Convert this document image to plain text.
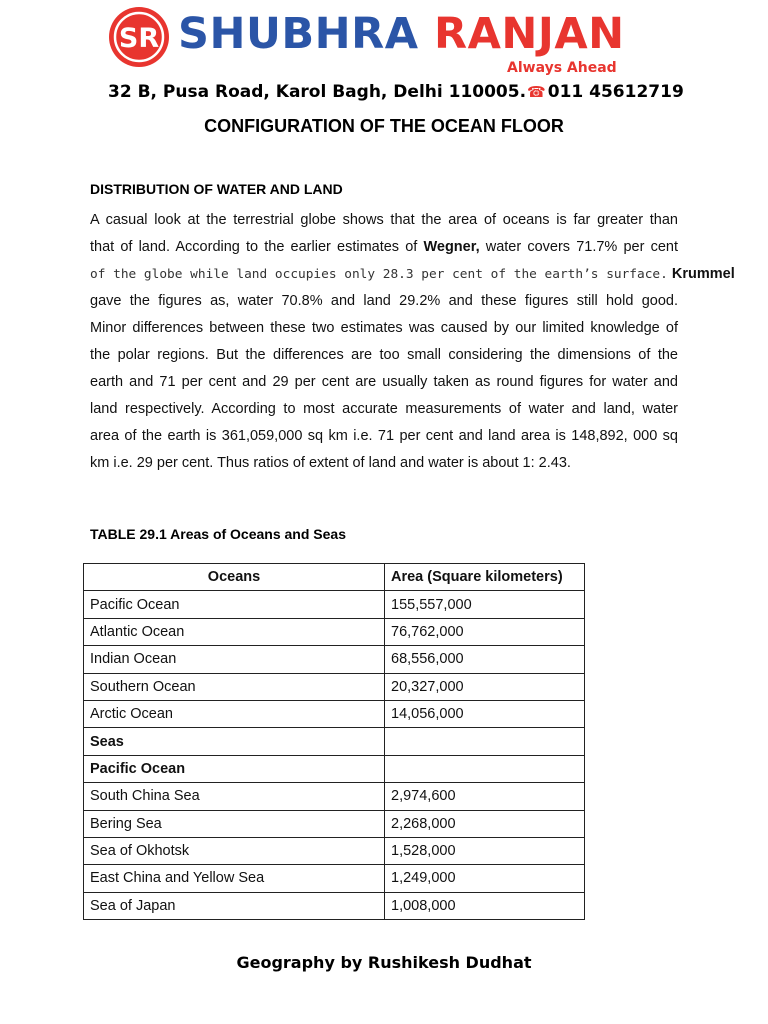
SR SHUBHRA RANJAN
Always Ahead
32 B, Pusa Road, Karol Bagh, Delhi 110005.☎ 011 45612719
CONFIGURATION OF THE OCEAN FLOOR
DISTRIBUTION OF WATER AND LAND
A casual look at the terrestrial globe shows that the area of oceans is far greater than
that of land. According to the earlier estimates of Wegner, water covers 71.7% per cent
of the globe while land occupies only 28.3 per cent of the earth’s surface. Krummel
gave the figures as, water 70.8% and land 29.2% and these figures still hold good.
Minor differences between these two estimates was caused by our limited knowledge of
the polar regions. But the differences are too small considering the dimensions of the
earth and 71 per cent and 29 per cent are usually taken as round figures for water and
land respectively. According to most accurate measurements of water and land, water
area of the earth is 361,059,000 sq km i.e. 71 per cent and land area is 148,892, 000 sq
km i.e. 29 per cent. Thus ratios of extent of land and water is about 1: 2.43.
TABLE 29.1 Areas of Oceans and Seas
Oceans	Area (Square kilometers)
Pacific Ocean	155,557,000
Atlantic Ocean	76,762,000
Indian Ocean	68,556,000
Southern Ocean	20,327,000
Arctic Ocean	14,056,000
Seas	
Pacific Ocean	
South China Sea	2,974,600
Bering Sea	2,268,000
Sea of Okhotsk	1,528,000
East China and Yellow Sea	1,249,000
Sea of Japan	1,008,000
Geography by Rushikesh Dudhat
